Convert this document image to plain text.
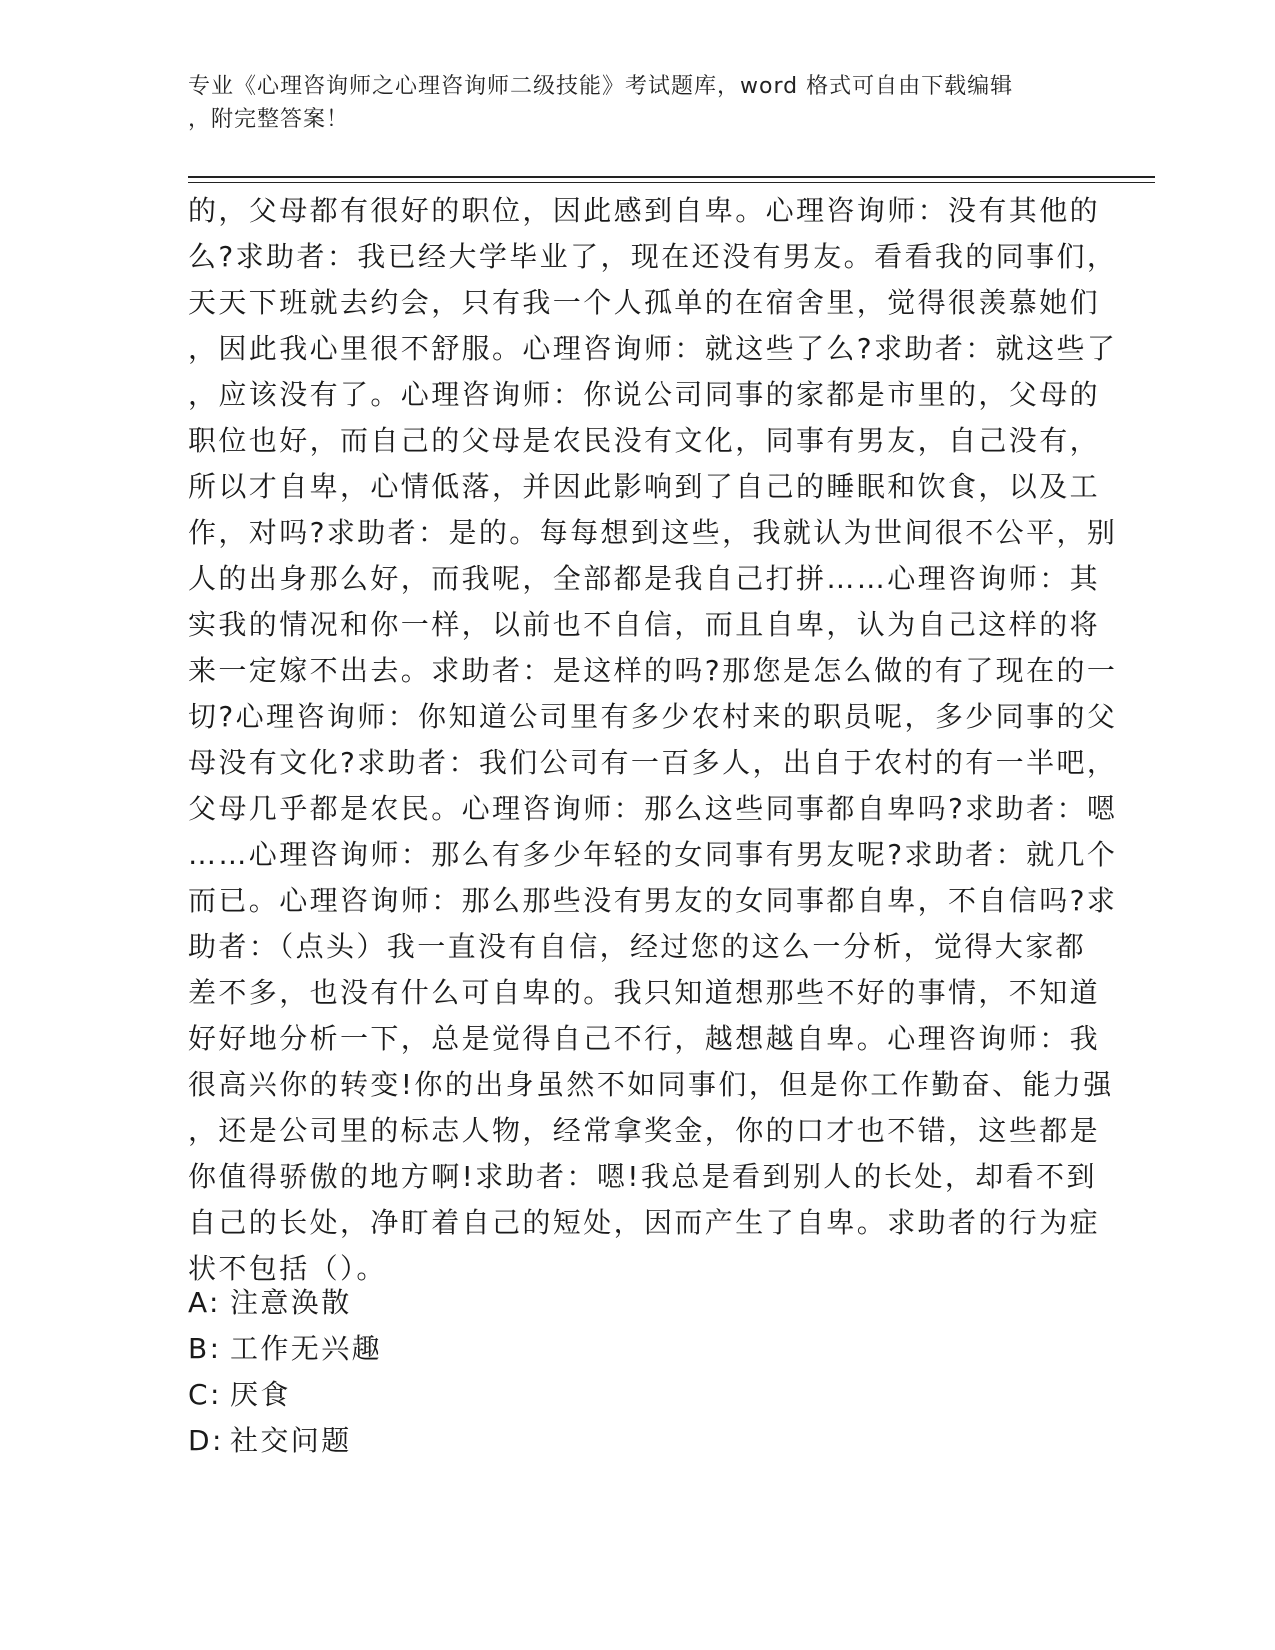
专业《心理咨询师之心理咨询师二级技能》考试题库，word 格式可自由下载编辑

，附完整答案！

的，父母都有很好的职位，因此感到自卑。心理咨询师：没有其他的

么?求助者：我已经大学毕业了，现在还没有男友。看看我的同事们，

天天下班就去约会，只有我一个人孤单的在宿舍里，觉得很羡慕她们

，因此我心里很不舒服。心理咨询师：就这些了么?求助者：就这些了

，应该没有了。心理咨询师：你说公司同事的家都是市里的，父母的

职位也好，而自己的父母是农民没有文化，同事有男友，自己没有，

所以才自卑，心情低落，并因此影响到了自己的睡眠和饮食，以及工

作，对吗?求助者：是的。每每想到这些，我就认为世间很不公平，别

人的出身那么好，而我呢，全部都是我自己打拼……心理咨询师：其

实我的情况和你一样，以前也不自信，而且自卑，认为自己这样的将

来一定嫁不出去。求助者：是这样的吗?那您是怎么做的有了现在的一

切?心理咨询师：你知道公司里有多少农村来的职员呢，多少同事的父

母没有文化?求助者：我们公司有一百多人，出自于农村的有一半吧，

父母几乎都是农民。心理咨询师：那么这些同事都自卑吗?求助者：嗯

……心理咨询师：那么有多少年轻的女同事有男友呢?求助者：就几个

而已。心理咨询师：那么那些没有男友的女同事都自卑，不自信吗?求

助者：（点头）我一直没有自信，经过您的这么一分析，觉得大家都

差不多，也没有什么可自卑的。我只知道想那些不好的事情，不知道

好好地分析一下，总是觉得自己不行，越想越自卑。心理咨询师：我

很高兴你的转变!你的出身虽然不如同事们，但是你工作勤奋、能力强

，还是公司里的标志人物，经常拿奖金，你的口才也不错，这些都是

你值得骄傲的地方啊!求助者：嗯!我总是看到别人的长处，却看不到

自己的长处，净盯着自己的短处，因而产生了自卑。求助者的行为症

状不包括（）。

A: 注意涣散

B: 工作无兴趣

C: 厌食

D: 社交问题
